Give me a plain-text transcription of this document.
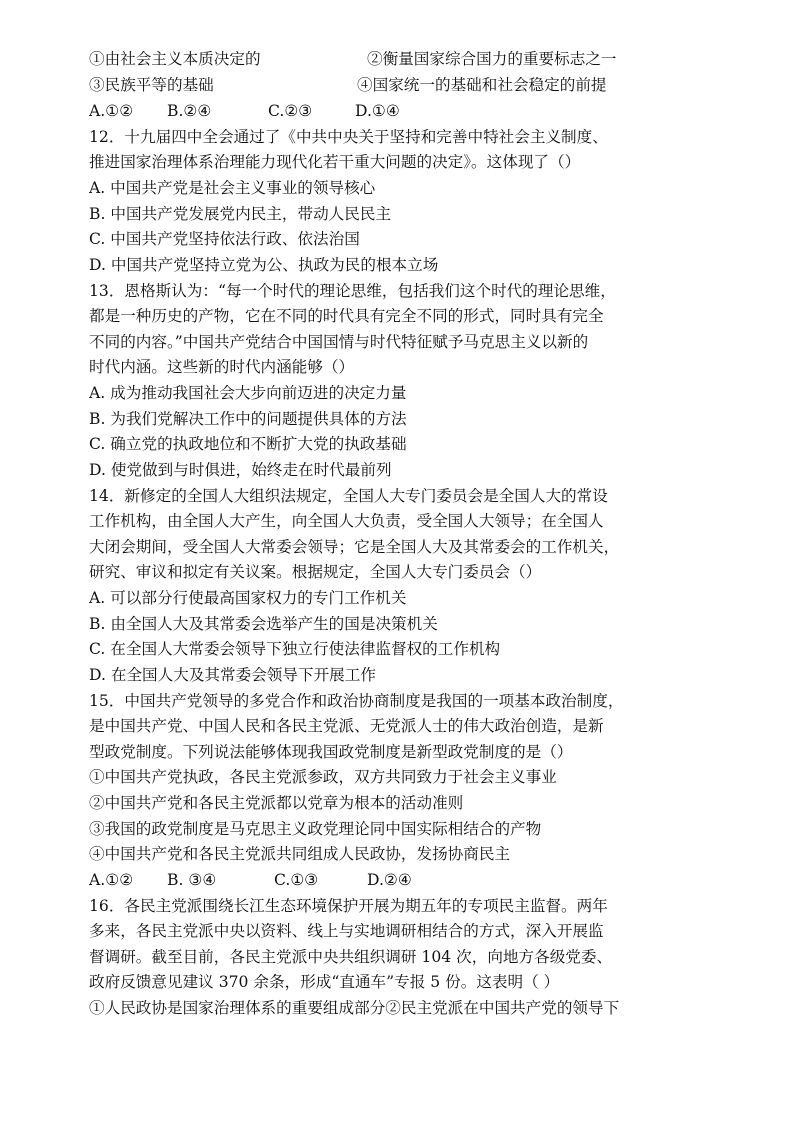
①由社会主义本质决定的	②衡量国家综合国力的重要标志之一
③民族平等的基础	④国家统一的基础和社会稳定的前提
A.①②	B.②④	C.②③	D.①④
12．十九届四中全会通过了《中共中央关于坚持和完善中特社会主义制度、
推进国家治理体系治理能力现代化若干重大问题的决定》。这体现了（）
A. 中国共产党是社会主义事业的领导核心
B. 中国共产党发展党内民主，带动人民民主
C. 中国共产党坚持依法行政、依法治国
D. 中国共产党坚持立党为公、执政为民的根本立场
13．恩格斯认为：“每一个时代的理论思维，包括我们这个时代的理论思维，
都是一种历史的产物，它在不同的时代具有完全不同的形式，同时具有完全
不同的内容。”中国共产党结合中国国情与时代特征赋予马克思主义以新的
时代内涵。这些新的时代内涵能够（）
A. 成为推动我国社会大步向前迈进的决定力量
B. 为我们党解决工作中的问题提供具体的方法
C. 确立党的执政地位和不断扩大党的执政基础
D. 使党做到与时俱进，始终走在时代最前列
14．新修定的全国人大组织法规定，全国人大专门委员会是全国人大的常设
工作机构，由全国人大产生，向全国人大负责，受全国人大领导；在全国人
大闭会期间，受全国人大常委会领导；它是全国人大及其常委会的工作机关，
研究、审议和拟定有关议案。根据规定，全国人大专门委员会（）
A. 可以部分行使最高国家权力的专门工作机关
B. 由全国人大及其常委会选举产生的国是决策机关
C. 在全国人大常委会领导下独立行使法律监督权的工作机构
D. 在全国人大及其常委会领导下开展工作
15．中国共产党领导的多党合作和政治协商制度是我国的一项基本政治制度，
是中国共产党、中国人民和各民主党派、无党派人士的伟大政治创造，是新
型政党制度。下列说法能够体现我国政党制度是新型政党制度的是（）
①中国共产党执政，各民主党派参政，双方共同致力于社会主义事业
②中国共产党和各民主党派都以党章为根本的活动准则
③我国的政党制度是马克思主义政党理论同中国实际相结合的产物
④中国共产党和各民主党派共同组成人民政协，发扬协商民主
A.①②	B. ③④	C.①③	D.②④
16．各民主党派围绕长江生态环境保护开展为期五年的专项民主监督。两年
多来，各民主党派中央以资料、线上与实地调研相结合的方式，深入开展监
督调研。截至目前，各民主党派中央共组织调研 104 次，向地方各级党委、
政府反馈意见建议 370 余条，形成“直通车”专报 5 份。这表明（ ）
①人民政协是国家治理体系的重要组成部分②民主党派在中国共产党的领导下
